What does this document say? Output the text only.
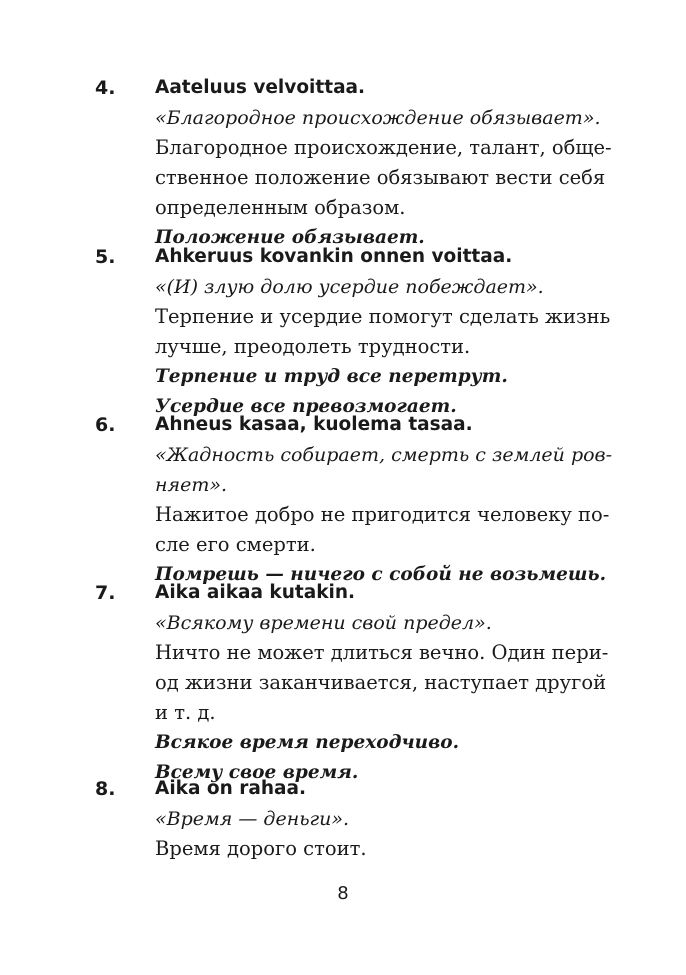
4. Aateluus velvoittaa.
«Благородное происхождение обязывает».
Благородное происхождение, талант, обще-
ственное положение обязывают вести себя
определенным образом.
Положение обязывает.
5. Ahkeruus kovankin onnen voittaa.
«(И) злую долю усердие побеждает».
Терпение и усердие помогут сделать жизнь
лучше, преодолеть трудности.
Терпение и труд все перетрут.
Усердие все превозмогает.
6. Ahneus kasaa, kuolema tasaa.
«Жадность собирает, смерть с землей ров-
няет».
Нажитое добро не пригодится человеку по-
сле его смерти.
Помрешь — ничего с собой не возьмешь.
7. Aika aikaa kutakin.
«Всякому времени свой предел».
Ничто не может длиться вечно. Один пери-
од жизни заканчивается, наступает другой
и т. д.
Всякое время переходчиво.
Всему свое время.
8. Aika on rahaa.
«Время — деньги».
Время дорого стоит.
8
